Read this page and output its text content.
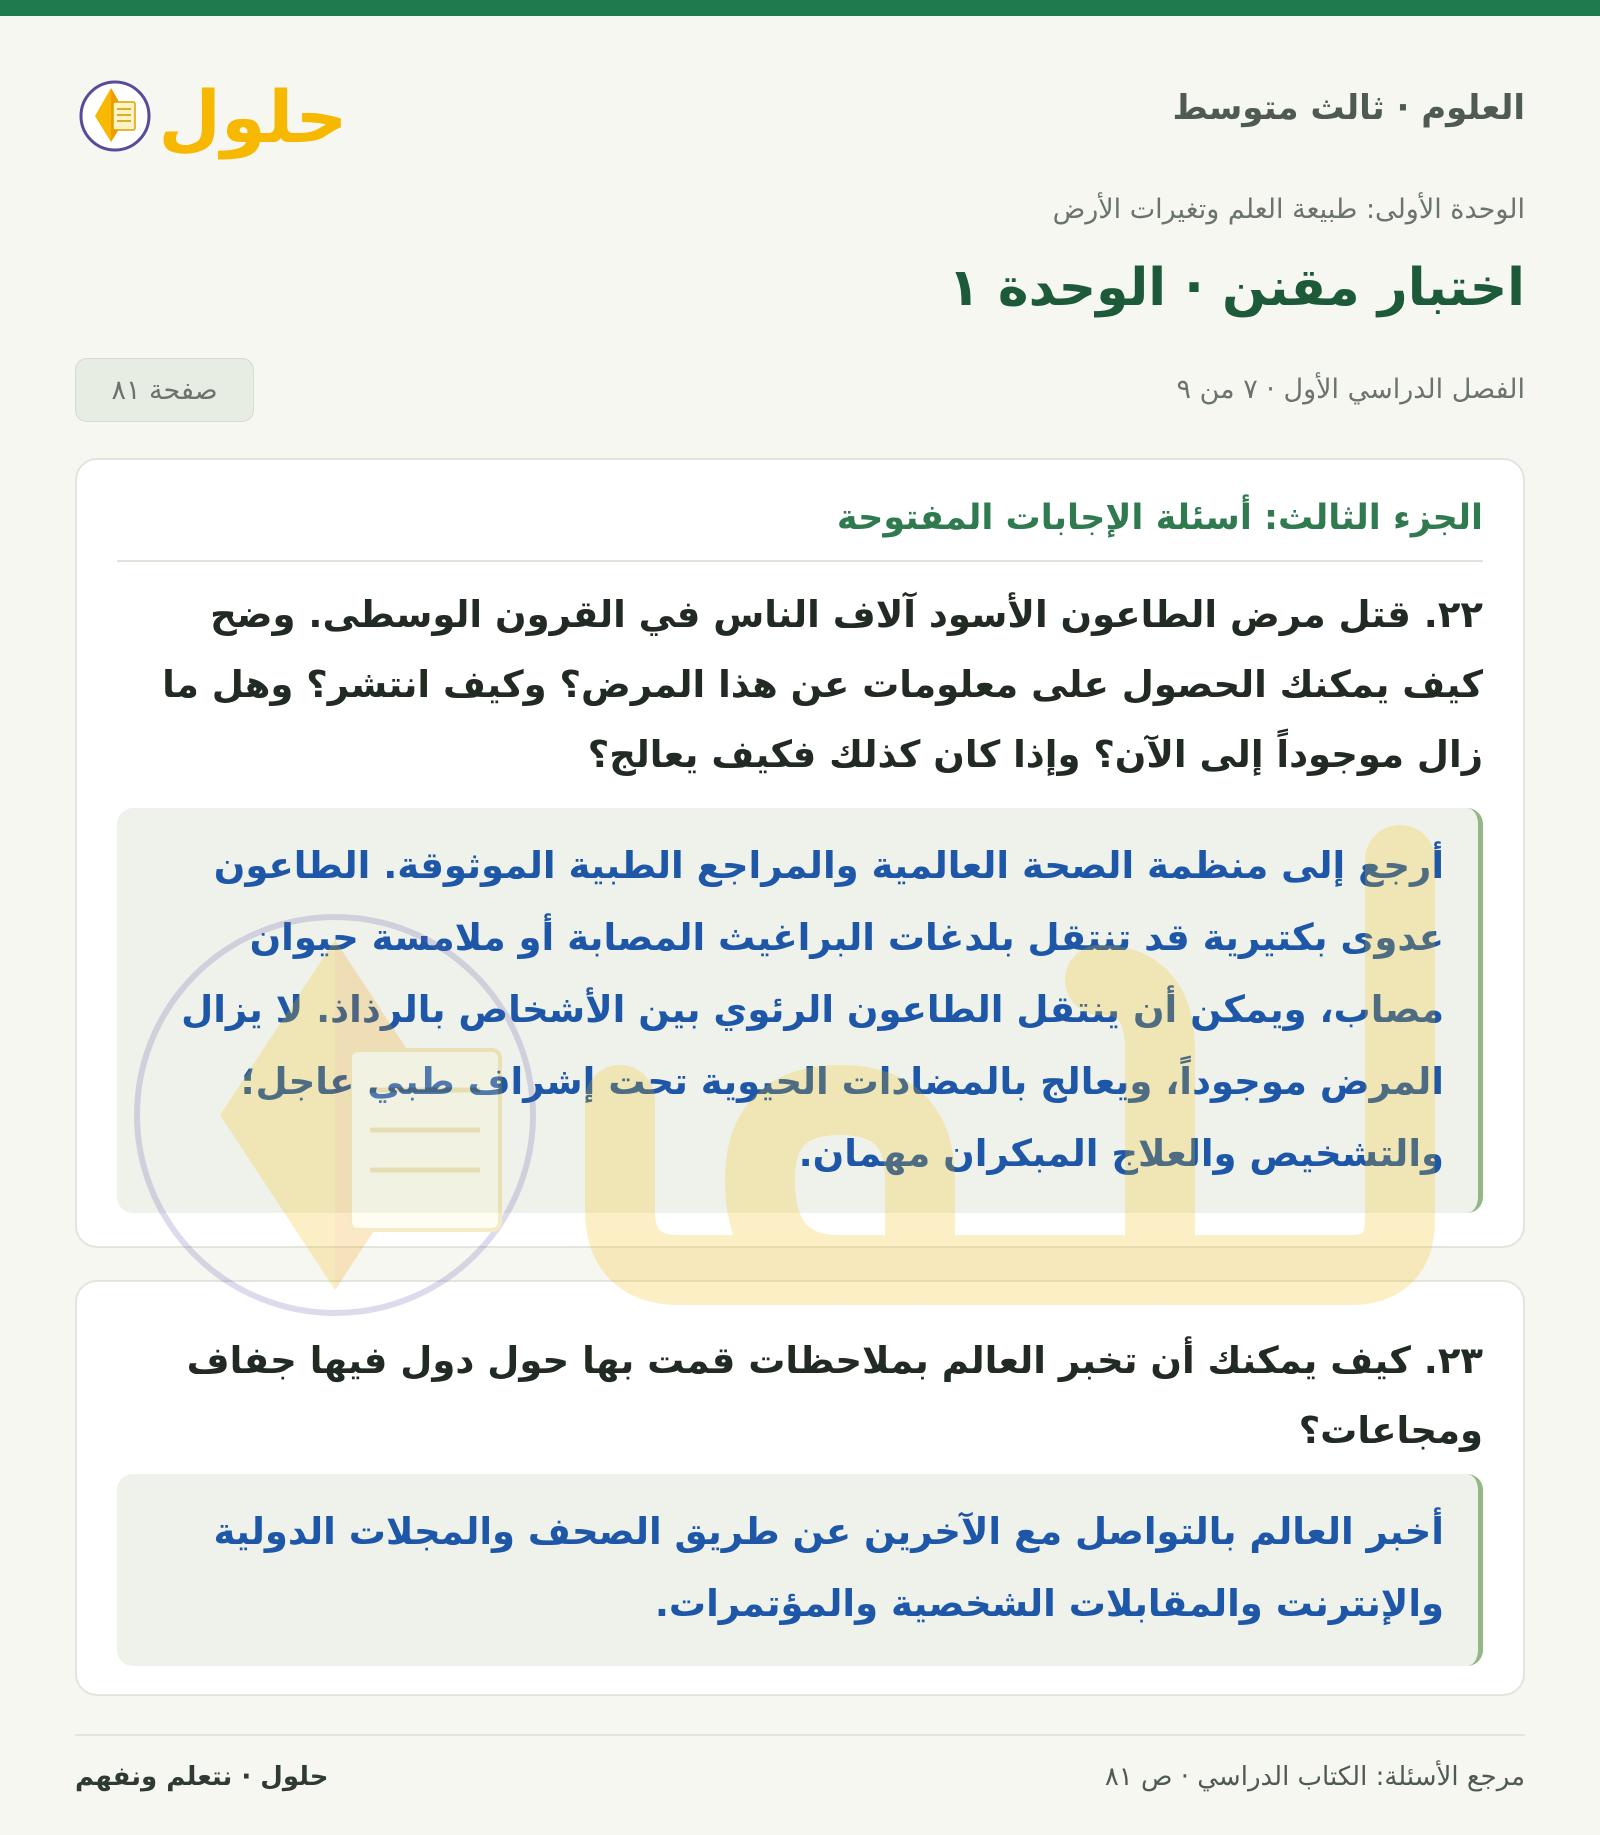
العلوم · ثالث متوسط
حلول
الوحدة الأولى: طبيعة العلم وتغيرات الأرض
اختبار مقنن · الوحدة ١
الفصل الدراسي الأول · ٧ من ٩
صفحة ٨١
الجزء الثالث: أسئلة الإجابات المفتوحة
٢٢. قتل مرض الطاعون الأسود آلاف الناس في القرون الوسطى. وضح كيف يمكنك الحصول على معلومات عن هذا المرض؟ وكيف انتشر؟ وهل ما زال موجوداً إلى الآن؟ وإذا كان كذلك فكيف يعالج؟
أرجع إلى منظمة الصحة العالمية والمراجع الطبية الموثوقة. الطاعون عدوى بكتيرية قد تنتقل بلدغات البراغيث المصابة أو ملامسة حيوان مصاب، ويمكن أن ينتقل الطاعون الرئوي بين الأشخاص بالرذاذ. لا يزال المرض موجوداً، ويعالج بالمضادات الحيوية تحت إشراف طبي عاجل؛ والتشخيص والعلاج المبكران مهمان.
٢٣. كيف يمكنك أن تخبر العالم بملاحظات قمت بها حول دول فيها جفاف ومجاعات؟
أخبر العالم بالتواصل مع الآخرين عن طريق الصحف والمجلات الدولية والإنترنت والمقابلات الشخصية والمؤتمرات.
مرجع الأسئلة: الكتاب الدراسي · ص ٨١
حلول · نتعلم ونفهم
